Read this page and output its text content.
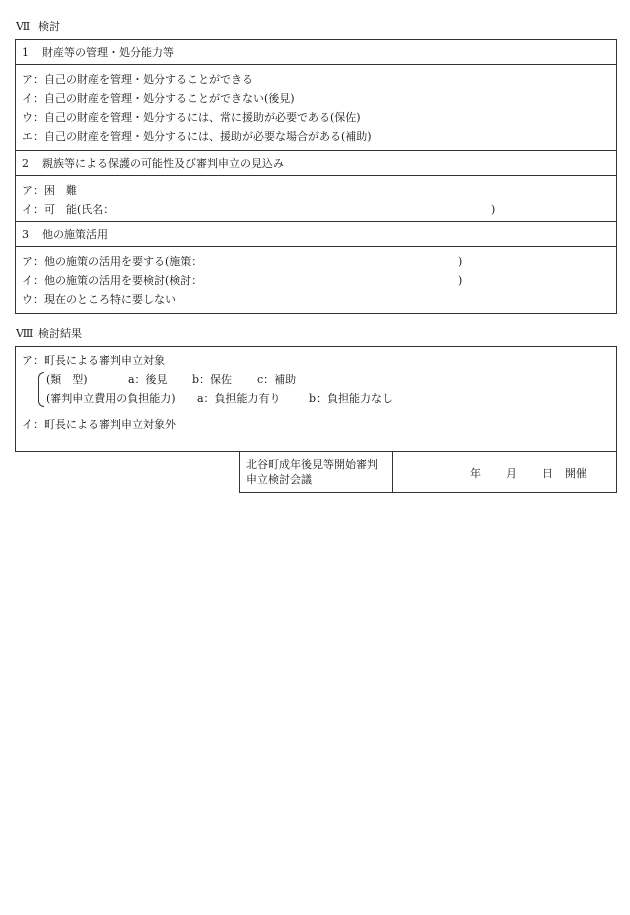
Ⅶ 検討
1 財産等の管理・処分能力等
ア：自己の財産を管理・処分することができる
イ：自己の財産を管理・処分することができない(後見)
ウ：自己の財産を管理・処分するには、常に援助が必要である(保佐)
エ：自己の財産を管理・処分するには、援助が必要な場合がある(補助)
2 親族等による保護の可能性及び審判申立の見込み
ア：困　難
イ：可　能(氏名：	)
3 他の施策活用
ア：他の施策の活用を要する(施策：	)
イ：他の施策の活用を要検討(検討：	)
ウ：現在のところ特に要しない
Ⅷ 検討結果
ア：町長による審判申立対象
(類　型)	a：後見 b：保佐 c：補助
(審判申立費用の負担能力) a：負担能力有り	b：負担能力なし
イ：町長による審判申立対象外
北谷町成年後見等開始審判
申立検討会議	年 月 日 開催
